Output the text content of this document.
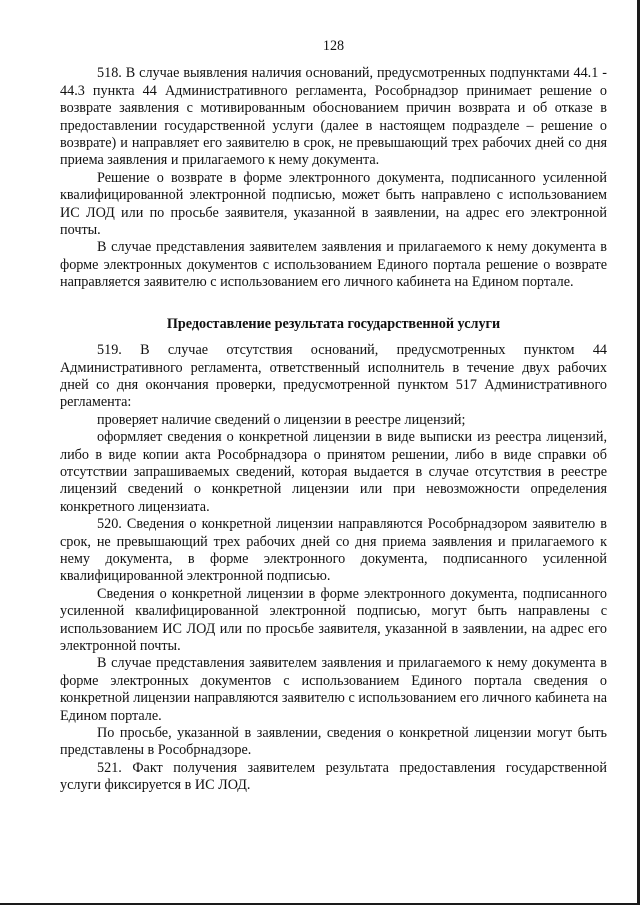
128

518. В случае выявления наличия оснований, предусмотренных подпунктами 44.1 - 44.3 пункта 44 Административного регламента, Рособрнадзор принимает решение о возврате заявления с мотивированным обоснованием причин возврата и об отказе в предоставлении государственной услуги (далее в настоящем подразделе – решение о возврате) и направляет его заявителю в срок, не превышающий трех рабочих дней со дня приема заявления и прилагаемого к нему документа.

Решение о возврате в форме электронного документа, подписанного усиленной квалифицированной электронной подписью, может быть направлено с использованием ИС ЛОД или по просьбе заявителя, указанной в заявлении, на адрес его электронной почты.

В случае представления заявителем заявления и прилагаемого к нему документа в форме электронных документов с использованием Единого портала решение о возврате направляется заявителю с использованием его личного кабинета на Едином портале.

Предоставление результата государственной услуги

519. В случае отсутствия оснований, предусмотренных пунктом 44 Административного регламента, ответственный исполнитель в течение двух рабочих дней со дня окончания проверки, предусмотренной пунктом 517 Административного регламента:

проверяет наличие сведений о лицензии в реестре лицензий;

оформляет сведения о конкретной лицензии в виде выписки из реестра лицензий, либо в виде копии акта Рособрнадзора о принятом решении, либо в виде справки об отсутствии запрашиваемых сведений, которая выдается в случае отсутствия в реестре лицензий сведений о конкретной лицензии или при невозможности определения конкретного лицензиата.

520. Сведения о конкретной лицензии направляются Рособрнадзором заявителю в срок, не превышающий трех рабочих дней со дня приема заявления и прилагаемого к нему документа, в форме электронного документа, подписанного усиленной квалифицированной электронной подписью.

Сведения о конкретной лицензии в форме электронного документа, подписанного усиленной квалифицированной электронной подписью, могут быть направлены с использованием ИС ЛОД или по просьбе заявителя, указанной в заявлении, на адрес его электронной почты.

В случае представления заявителем заявления и прилагаемого к нему документа в форме электронных документов с использованием Единого портала сведения о конкретной лицензии направляются заявителю с использованием его личного кабинета на Едином портале.

По просьбе, указанной в заявлении, сведения о конкретной лицензии могут быть представлены в Рособрнадзоре.

521. Факт получения заявителем результата предоставления государственной услуги фиксируется в ИС ЛОД.
